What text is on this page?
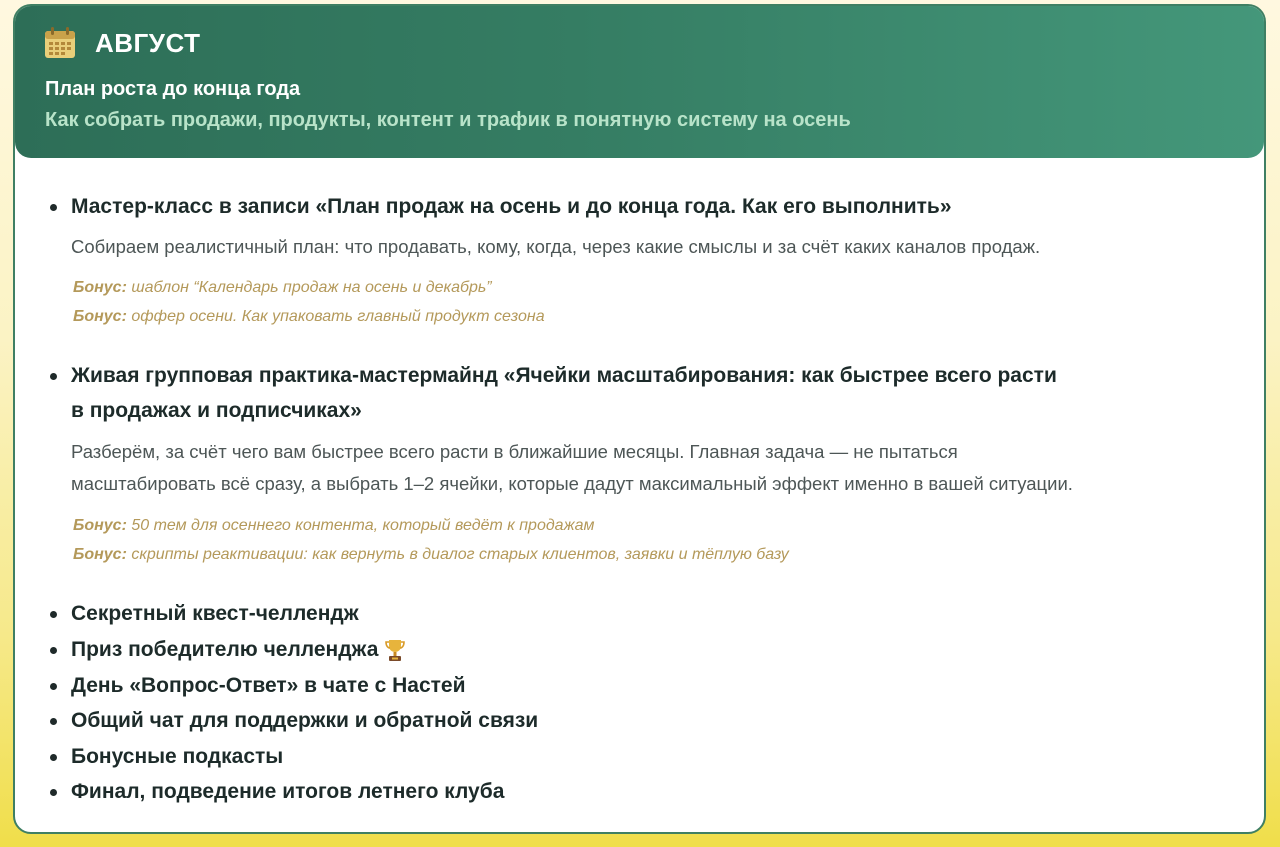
АВГУСТ
План роста до конца года
Как собрать продажи, продукты, контент и трафик в понятную систему на осень
Мастер-класс в записи «План продаж на осень и до конца года. Как его выполнить»
Собираем реалистичный план: что продавать, кому, когда, через какие смыслы и за счёт каких каналов продаж.
Бонус: шаблон “Календарь продаж на осень и декабрь”
Бонус: оффер осени. Как упаковать главный продукт сезона
Живая групповая практика-мастермайнд «Ячейки масштабирования: как быстрее всего расти
в продажах и подписчиках»
Разберём, за счёт чего вам быстрее всего расти в ближайшие месяцы. Главная задача — не пытаться
масштабировать всё сразу, а выбрать 1–2 ячейки, которые дадут максимальный эффект именно в вашей ситуации.
Бонус: 50 тем для осеннего контента, который ведёт к продажам
Бонус: скрипты реактивации: как вернуть в диалог старых клиентов, заявки и тёплую базу
Секретный квест-челлендж
Приз победителю челленджа
День «Вопрос-Ответ» в чате с Настей
Общий чат для поддержки и обратной связи
Бонусные подкасты
Финал, подведение итогов летнего клуба
